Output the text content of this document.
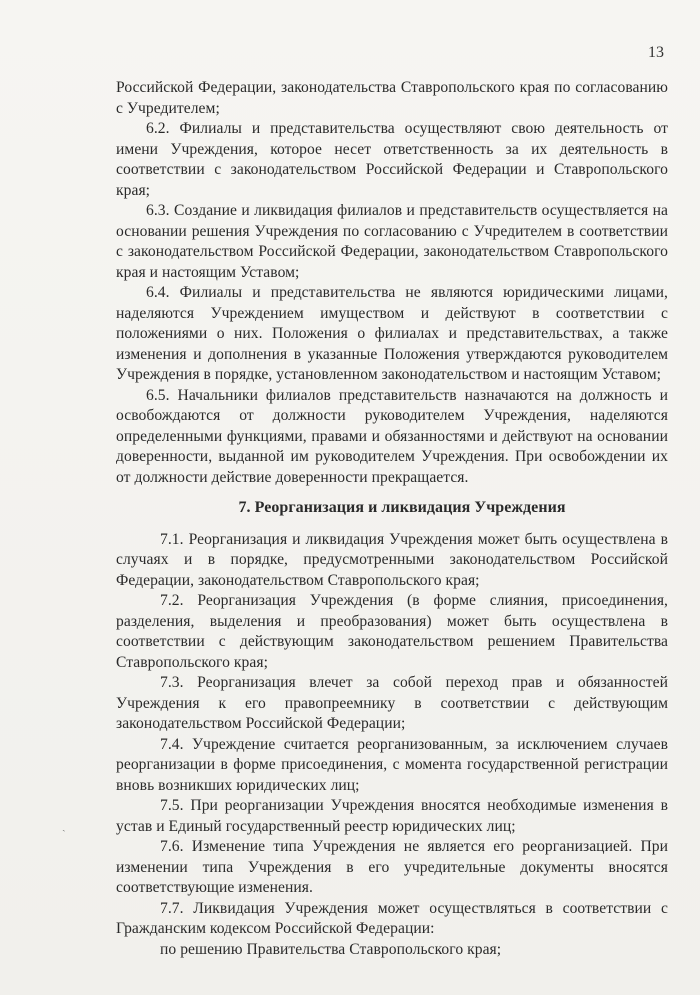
13

Российской Федерации, законодательства Ставропольского края по согласованию с Учредителем;

6.2. Филиалы и представительства осуществляют свою деятельность от имени Учреждения, которое несет ответственность за их деятельность в соответствии с законодательством Российской Федерации и Ставропольского края;

6.3. Создание и ликвидация филиалов и представительств осуществляется на основании решения Учреждения по согласованию с Учредителем в соответствии с законодательством Российской Федерации, законодательством Ставропольского края и настоящим Уставом;

6.4. Филиалы и представительства не являются юридическими лицами, наделяются Учреждением имуществом и действуют в соответствии с положениями о них. Положения о филиалах и представительствах, а также изменения и дополнения в указанные Положения утверждаются руководителем Учреждения в порядке, установленном законодательством и настоящим Уставом;

6.5. Начальники филиалов представительств назначаются на должность и освобождаются от должности руководителем Учреждения, наделяются определенными функциями, правами и обязанностями и действуют на основании доверенности, выданной им руководителем Учреждения. При освобождении их от должности действие доверенности прекращается.

7. Реорганизация и ликвидация Учреждения

7.1. Реорганизация и ликвидация Учреждения может быть осуществлена в случаях и в порядке, предусмотренными законодательством Российской Федерации, законодательством Ставропольского края;

7.2. Реорганизация Учреждения (в форме слияния, присоединения, разделения, выделения и преобразования) может быть осуществлена в соответствии с действующим законодательством решением Правительства Ставропольского края;

7.3. Реорганизация влечет за собой переход прав и обязанностей Учреждения к его правопреемнику в соответствии с действующим законодательством Российской Федерации;

7.4. Учреждение считается реорганизованным, за исключением случаев реорганизации в форме присоединения, с момента государственной регистрации вновь возникших юридических лиц;

7.5. При реорганизации Учреждения вносятся необходимые изменения в устав и Единый государственный реестр юридических лиц;

7.6. Изменение типа Учреждения не является его реорганизацией. При изменении типа Учреждения в его учредительные документы вносятся соответствующие изменения.

7.7. Ликвидация Учреждения может осуществляться в соответствии с Гражданским кодексом Российской Федерации:

по решению Правительства Ставропольского края;

ˏ
